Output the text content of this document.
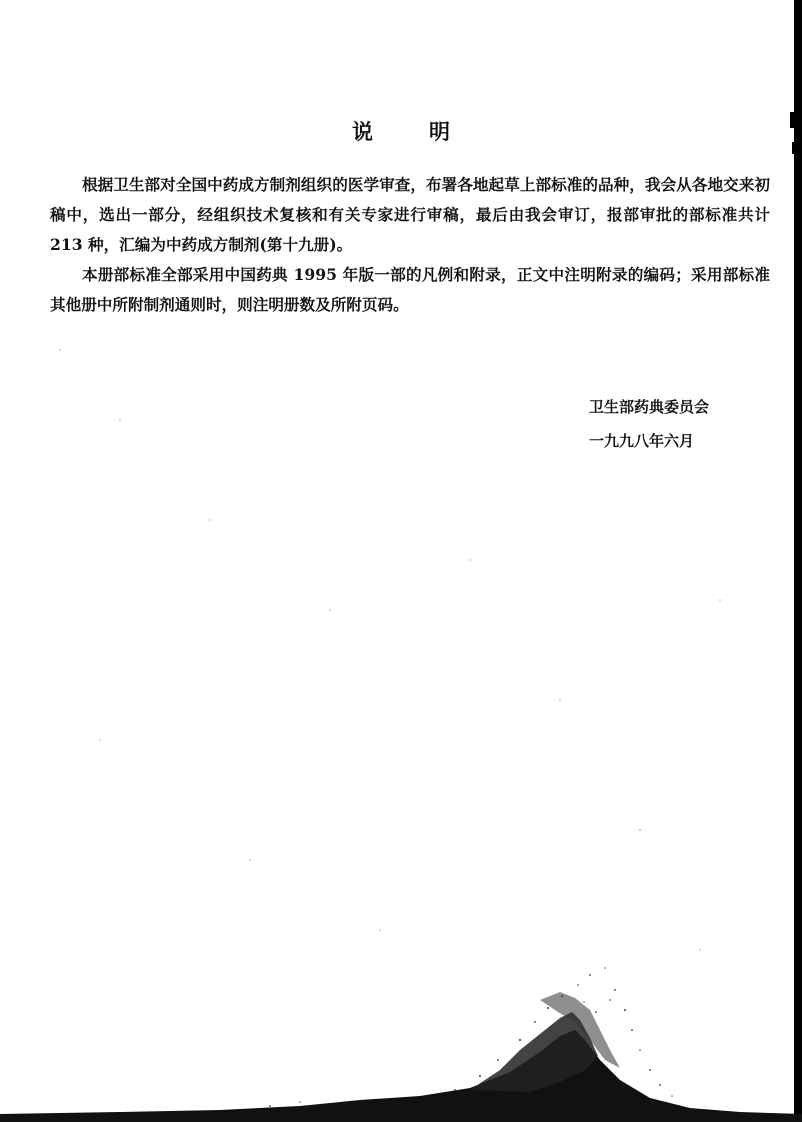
说明

根据卫生部对全国中药成方制剂组织的医学审查，布署各地起草上部标准的品种，我会从各地交来初稿中，选出一部分，经组织技术复核和有关专家进行审稿，最后由我会审订，报部审批的部标准共计 213 种，汇编为中药成方制剂(第十九册)。

本册部标准全部采用中国药典 1995 年版一部的凡例和附录，正文中注明附录的编码；采用部标准其他册中所附制剂通则时，则注明册数及所附页码。

卫生部药典委员会
一九九八年六月
